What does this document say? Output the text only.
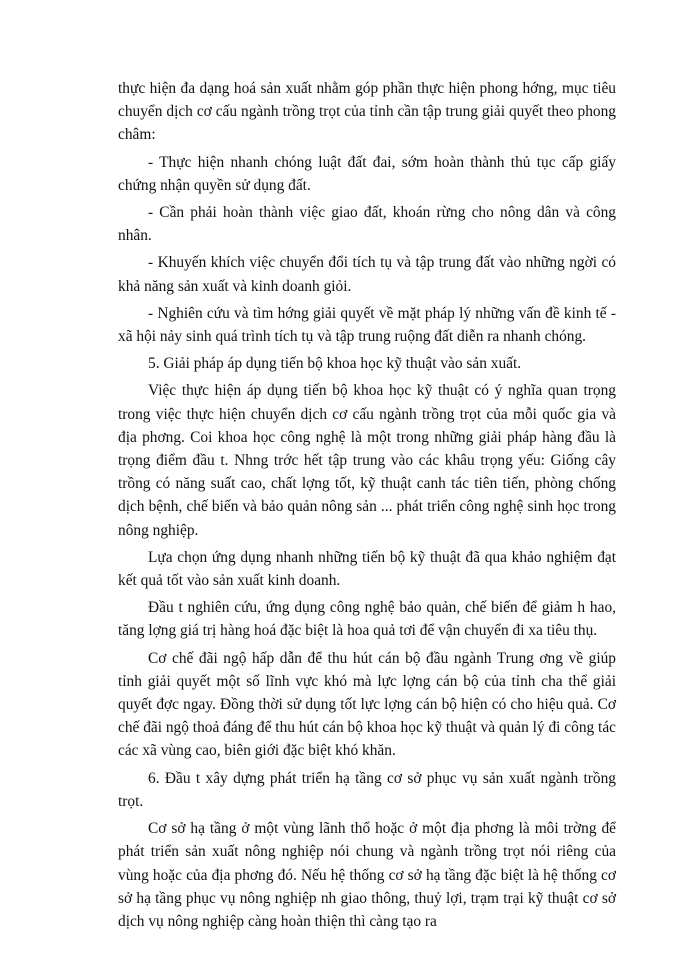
thực hiện đa dạng hoá sản xuất nhằm góp phần thực hiện phong hớng, mục tiêu chuyển dịch cơ cấu ngành trồng trọt của tỉnh cần tập trung giải quyết theo phong châm:

- Thực hiện nhanh chóng luật đất đai, sớm hoàn thành thủ tục cấp giấy chứng nhận quyền sử dụng đất.

- Cần phải hoàn thành việc giao đất, khoán rừng cho nông dân và công nhân.

- Khuyến khích việc chuyển đổi tích tụ và tập trung đất vào những ngời có khả năng sản xuất và kinh doanh giỏi.

- Nghiên cứu và tìm hớng giải quyết về mặt pháp lý những vấn đề kinh tế - xã hội nảy sinh quá trình tích tụ và tập trung ruộng đất diễn ra nhanh chóng.

5. Giải pháp áp dụng tiến bộ khoa học kỹ thuật vào sản xuất.

Việc thực hiện áp dụng tiến bộ khoa học kỹ thuật có ý nghĩa quan trọng trong việc thực hiện chuyển dịch cơ cấu ngành trồng trọt của mỗi quốc gia và địa phơng. Coi khoa học công nghệ là một trong những giải pháp hàng đầu là trọng điểm đầu t. Nhng trớc hết tập trung vào các khâu trọng yếu: Giống cây trồng có năng suất cao, chất lợng tốt, kỹ thuật canh tác tiên tiến, phòng chống dịch bệnh, chế biến và bảo quản nông sản ... phát triển công nghệ sinh học trong nông nghiệp.

Lựa chọn ứng dụng nhanh những tiến bộ kỹ thuật đã qua khảo nghiệm đạt kết quả tốt vào sản xuất kinh doanh.

Đầu t nghiên cứu, ứng dụng công nghệ bảo quản, chế biến để giảm h hao, tăng lợng giá trị hàng hoá đặc biệt là hoa quả tơi để vận chuyển đi xa tiêu thụ.

Cơ chế đãi ngộ hấp dẫn để thu hút cán bộ đầu ngành Trung ơng về giúp tỉnh giải quyết một số lĩnh vực khó mà lực lợng cán bộ của tỉnh cha thể giải quyết đợc ngay. Đồng thời sử dụng tốt lực lợng cán bộ hiện có cho hiệu quả. Cơ chế đãi ngộ thoả đáng để thu hút cán bộ khoa học kỹ thuật và quản lý đi công tác các xã vùng cao, biên giới đặc biệt khó khăn.

6. Đầu t xây dựng phát triển hạ tầng cơ sở phục vụ sản xuất ngành trồng trọt.

Cơ sở hạ tầng ở một vùng lãnh thổ hoặc ở một địa phơng là môi trờng để phát triển sản xuất nông nghiệp nói chung và ngành trồng trọt nói riêng của vùng hoặc của địa phơng đó. Nếu hệ thống cơ sở hạ tầng đặc biệt là hệ thống cơ sở hạ tầng phục vụ nông nghiệp nh giao thông, thuỷ lợi, trạm trại kỹ thuật cơ sở dịch vụ nông nghiệp càng hoàn thiện thì càng tạo ra
